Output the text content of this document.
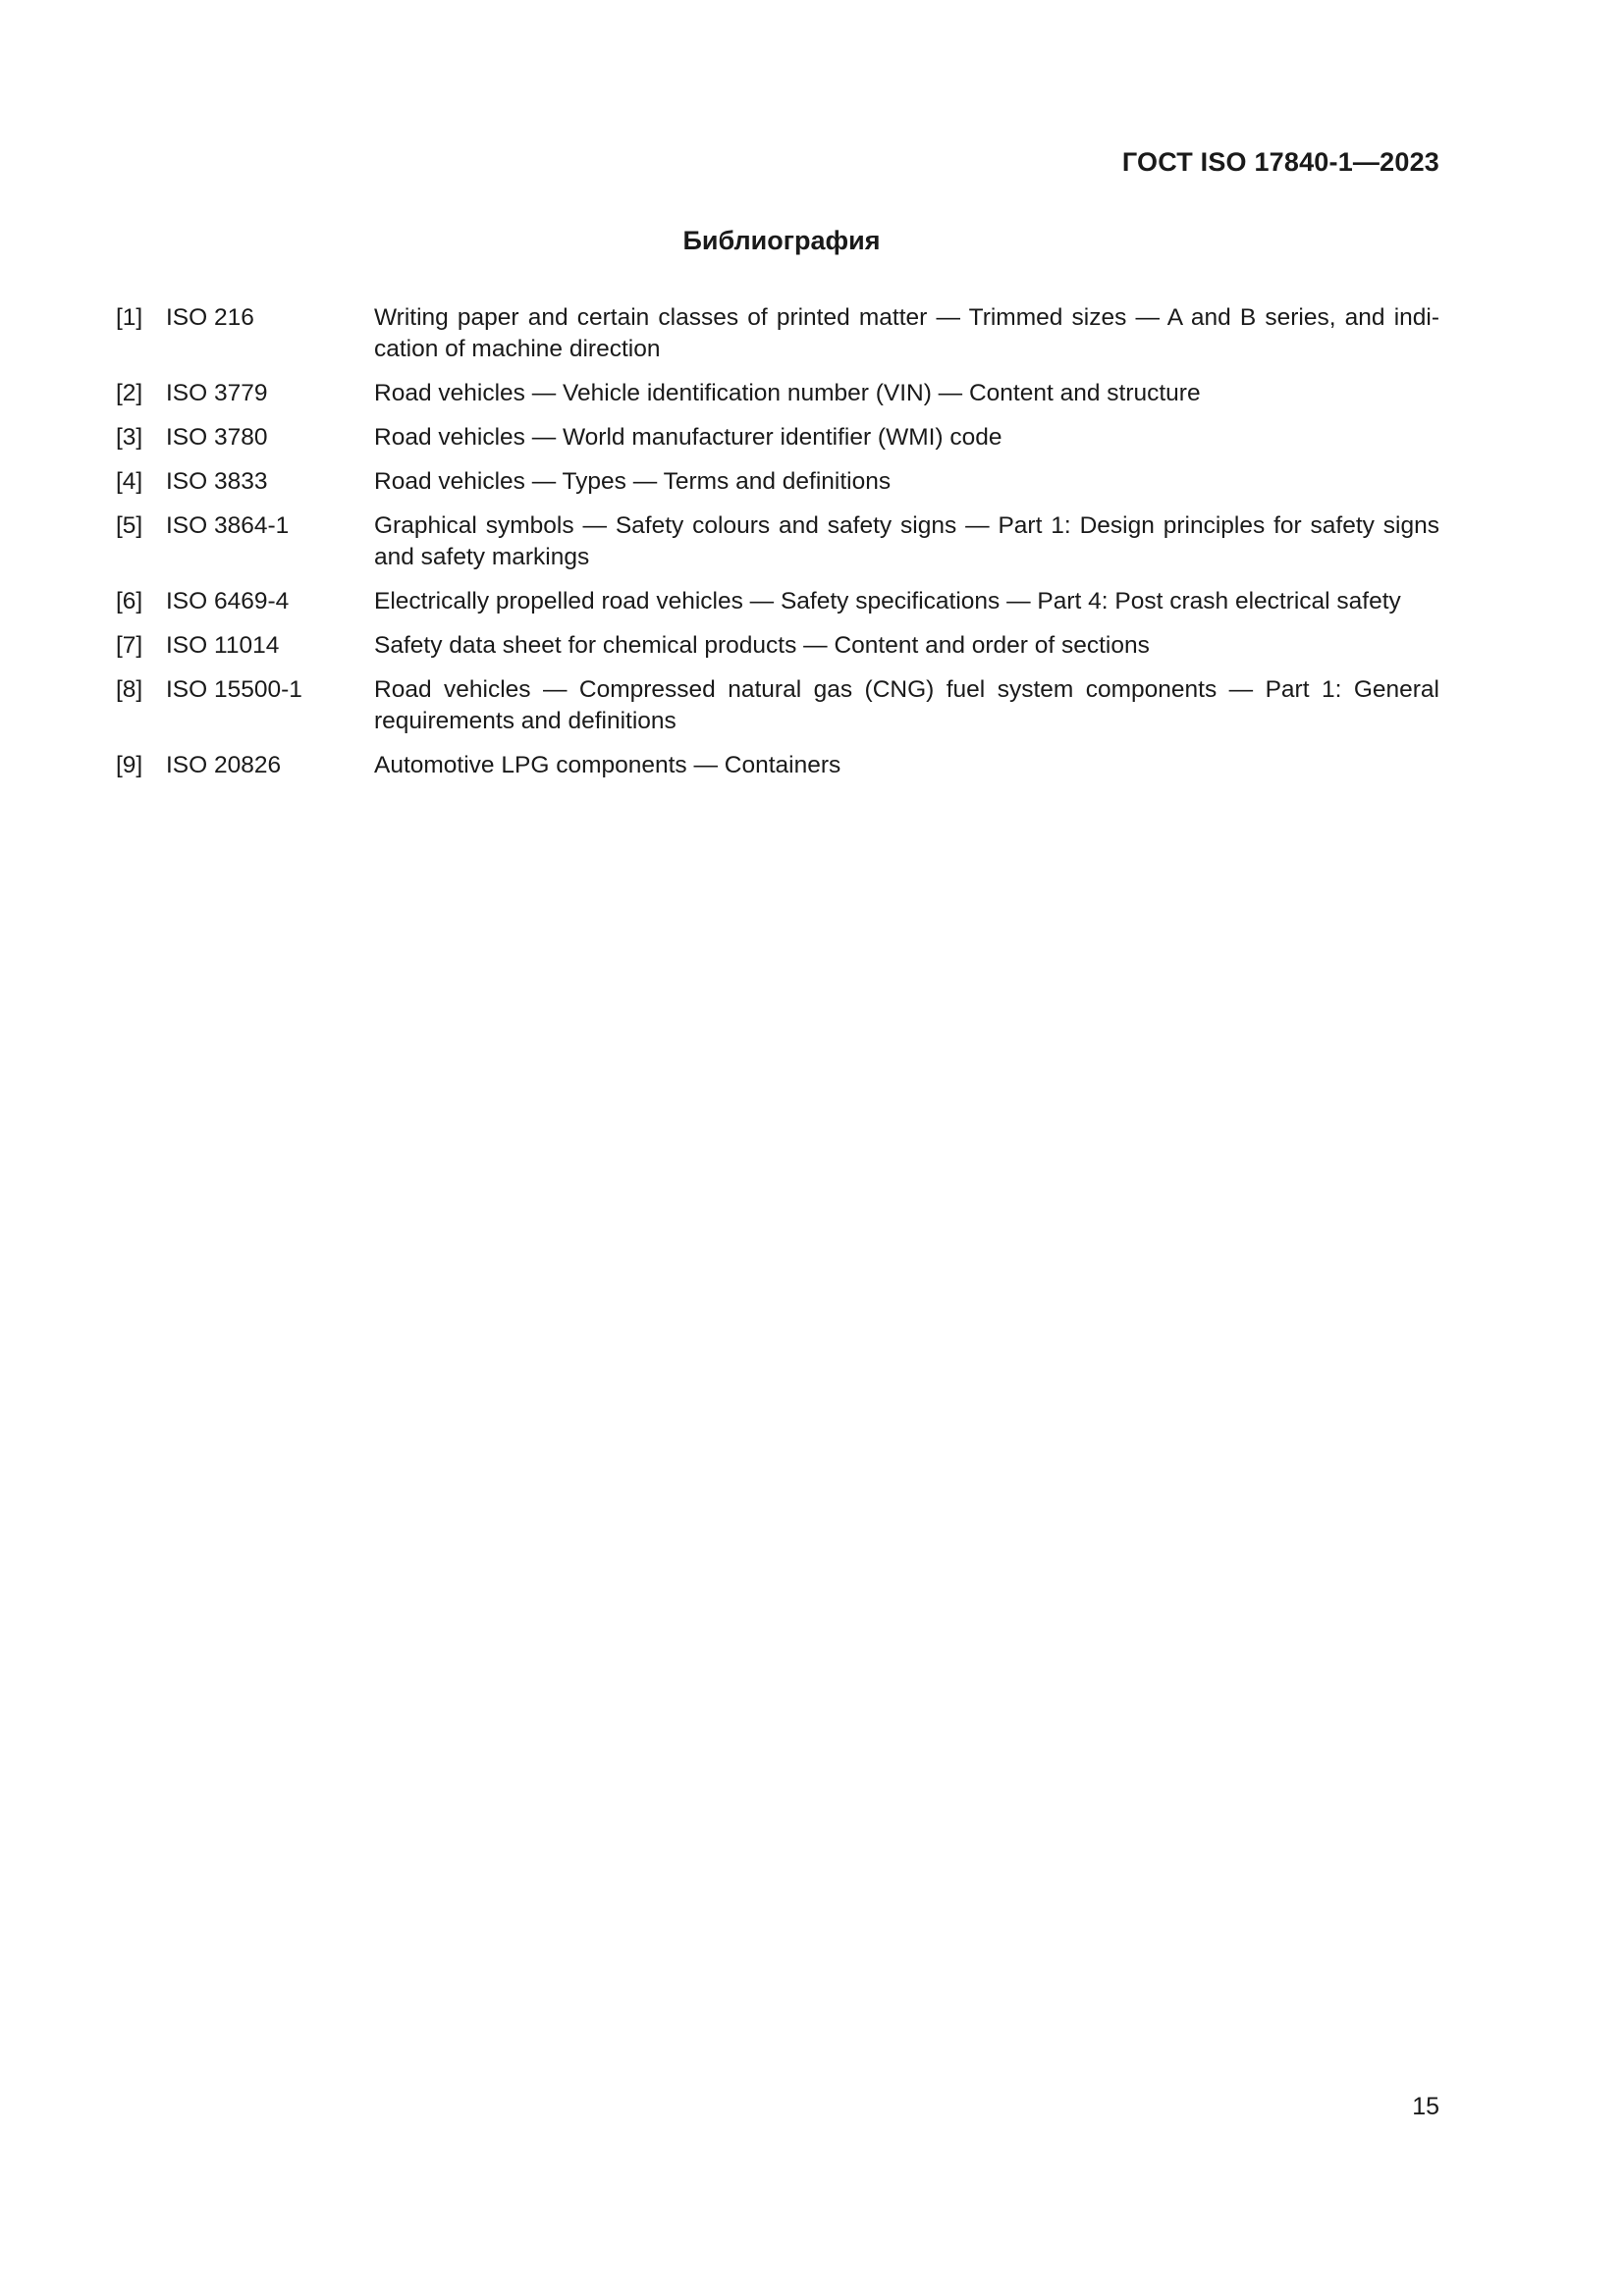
ГОСТ ISO 17840-1—2023
Библиография
[1] ISO 216	Writing paper and certain classes of printed matter — Trimmed sizes — A and B series, and indi-cation of machine direction
[2] ISO 3779	Road vehicles — Vehicle identification number (VIN) — Content and structure
[3] ISO 3780	Road vehicles — World manufacturer identifier (WMI) code
[4] ISO 3833	Road vehicles — Types — Terms and definitions
[5] ISO 3864-1	Graphical symbols — Safety colours and safety signs — Part 1: Design principles for safety signs and safety markings
[6] ISO 6469-4	Electrically propelled road vehicles — Safety specifications — Part 4: Post crash electrical safety
[7] ISO 11014	Safety data sheet for chemical products — Content and order of sections
[8] ISO 15500-1	Road vehicles — Compressed natural gas (CNG) fuel system components — Part 1: General requirements and definitions
[9] ISO 20826	Automotive LPG components — Containers
15
